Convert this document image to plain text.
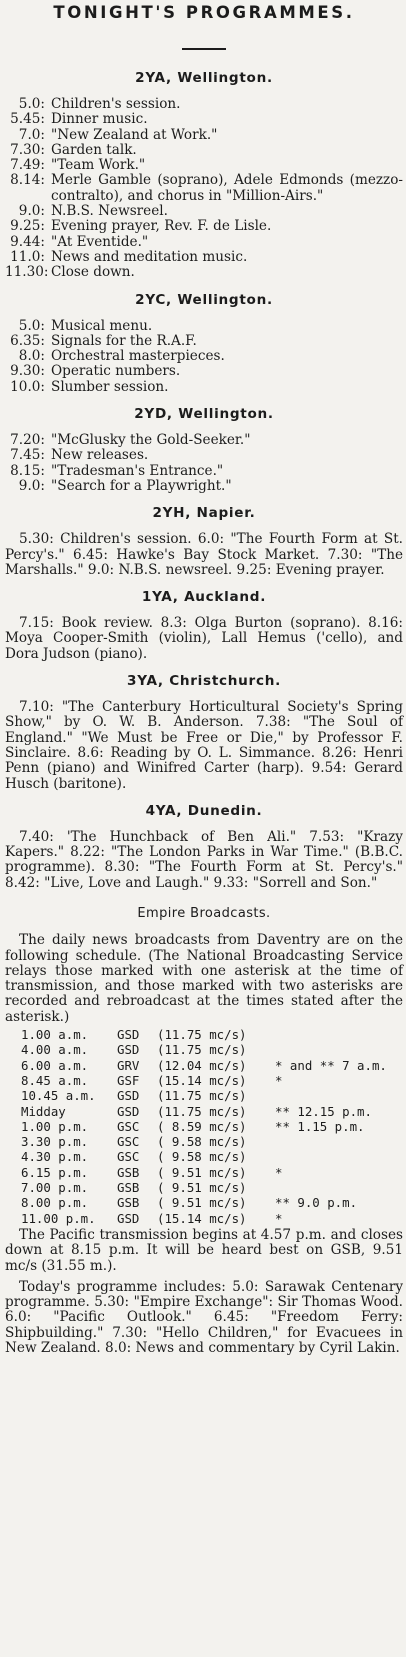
TONIGHT'S PROGRAMMES.
2YA, Wellington.
5.0: Children's session.
5.45: Dinner music.
7.0: "New Zealand at Work."
7.30: Garden talk.
7.49: "Team Work."
8.14: Merle Gamble (soprano), Adele Edmonds (mezzo-contralto), and chorus in "Million-Airs."
9.0: N.B.S. Newsreel.
9.25: Evening prayer, Rev. F. de Lisle.
9.44: "At Eventide."
11.0: News and meditation music.
11.30: Close down.
2YC, Wellington.
5.0: Musical menu.
6.35: Signals for the R.A.F.
8.0: Orchestral masterpieces.
9.30: Operatic numbers.
10.0: Slumber session.
2YD, Wellington.
7.20: "McGlusky the Gold-Seeker."
7.45: New releases.
8.15: "Tradesman's Entrance."
9.0: "Search for a Playwright."
2YH, Napier.
5.30: Children's session. 6.0: "The Fourth Form at St. Percy's." 6.45: Hawke's Bay Stock Market. 7.30: "The Marshalls." 9.0: N.B.S. newsreel. 9.25: Evening prayer.
1YA, Auckland.
7.15: Book review. 8.3: Olga Burton (soprano). 8.16: Moya Cooper-Smith (violin), Lall Hemus ('cello), and Dora Judson (piano).
3YA, Christchurch.
7.10: "The Canterbury Horticultural Society's Spring Show," by O. W. B. Anderson. 7.38: "The Soul of England." "We Must be Free or Die," by Professor F. Sinclaire. 8.6: Reading by O. L. Simmance. 8.26: Henri Penn (piano) and Winifred Carter (harp). 9.54: Gerard Husch (baritone).
4YA, Dunedin.
7.40: 'The Hunchback of Ben Ali." 7.53: "Krazy Kapers." 8.22: "The London Parks in War Time." (B.B.C. programme). 8.30: "The Fourth Form at St. Percy's." 8.42: "Live, Love and Laugh." 9.33: "Sorrell and Son."
Empire Broadcasts.
The daily news broadcasts from Daventry are on the following schedule. (The National Broadcasting Service relays those marked with one asterisk at the time of transmission, and those marked with two asterisks are recorded and rebroadcast at the times stated after the asterisk.)
1.00 a.m.	GSD	(11.75 mc/s)
4.00 a.m.	GSD	(11.75 mc/s)
6.00 a.m.	GRV	(12.04 mc/s)	* and ** 7 a.m.
8.45 a.m.	GSF	(15.14 mc/s)	*
10.45 a.m.	GSD	(11.75 mc/s)
Midday	GSD	(11.75 mc/s)	** 12.15 p.m.
1.00 p.m.	GSC	( 8.59 mc/s)	** 1.15 p.m.
3.30 p.m.	GSC	( 9.58 mc/s)
4.30 p.m.	GSC	( 9.58 mc/s)
6.15 p.m.	GSB	( 9.51 mc/s)	*
7.00 p.m.	GSB	( 9.51 mc/s)
8.00 p.m.	GSB	( 9.51 mc/s)	** 9.0 p.m.
11.00 p.m.	GSD	(15.14 mc/s)	*
The Pacific transmission begins at 4.57 p.m. and closes down at 8.15 p.m. It will be heard best on GSB, 9.51 mc/s (31.55 m.).
Today's programme includes: 5.0: Sarawak Centenary programme. 5.30: "Empire Exchange": Sir Thomas Wood. 6.0: "Pacific Outlook." 6.45: "Freedom Ferry: Shipbuilding." 7.30: "Hello Children," for Evacuees in New Zealand. 8.0: News and commentary by Cyril Lakin.
